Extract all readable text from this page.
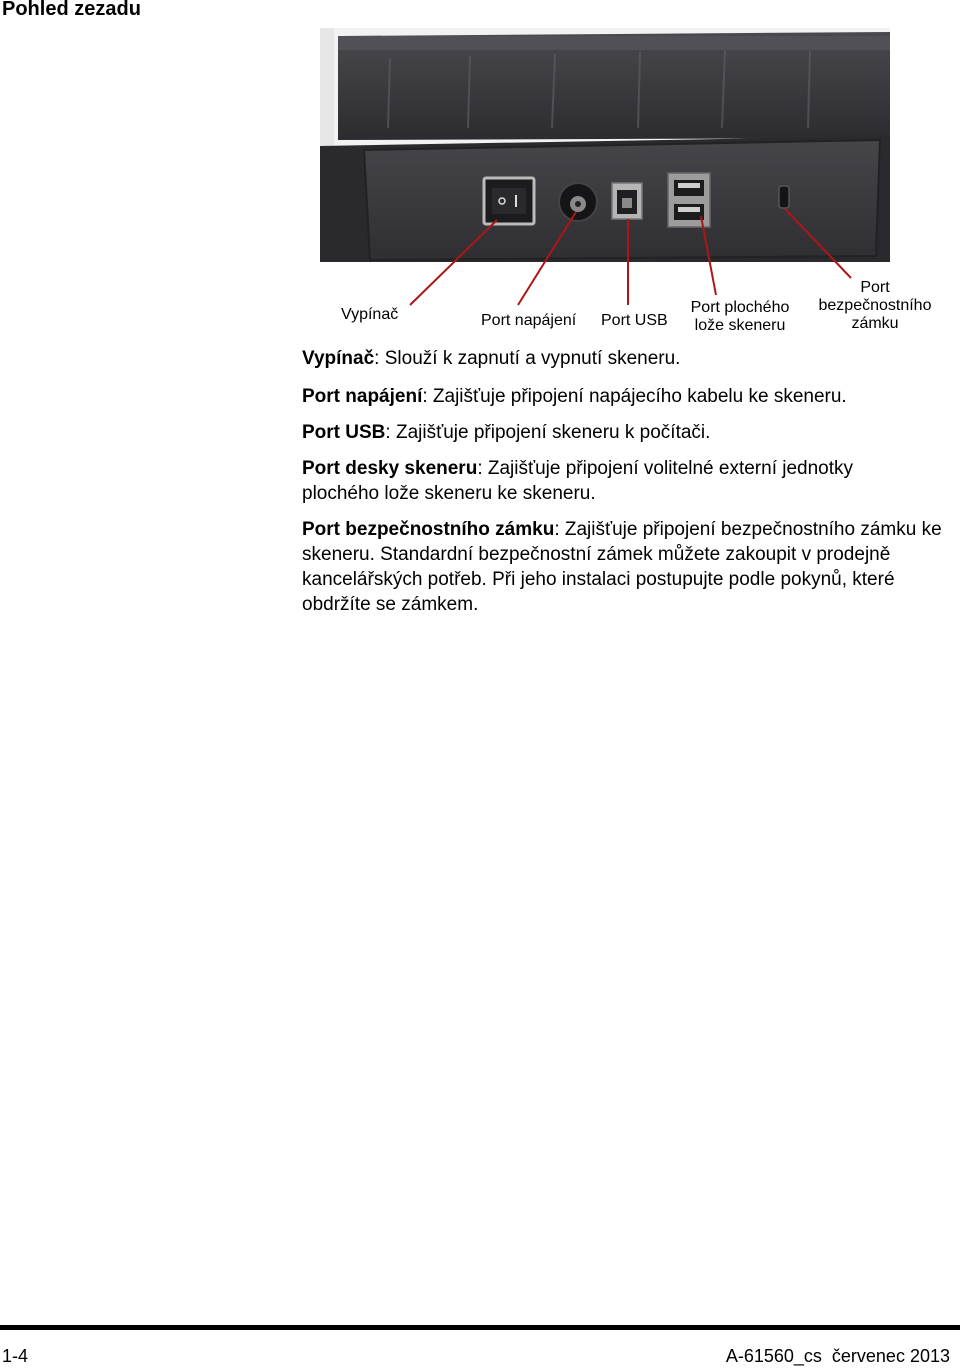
Pohled zezadu
Vypínač	Port napájení Port USB
Port plochého
lože skeneru
Port
bezpečnostního
zámku
Vypínač: Slouží k zapnutí a vypnutí skeneru.
Port napájení: Zajišťuje připojení napájecího kabelu ke skeneru.
Port USB: Zajišťuje připojení skeneru k počítači.
Port desky skeneru: Zajišťuje připojení volitelné externí jednotky plochého lože skeneru ke skeneru.
Port bezpečnostního zámku: Zajišťuje připojení bezpečnostního zámku ke skeneru. Standardní bezpečnostní zámek můžete zakoupit v prodejně kancelářských potřeb. Při jeho instalaci postupujte podle pokynů, které obdržíte se zámkem.
1-4	A-61560_cs  červenec 2013
